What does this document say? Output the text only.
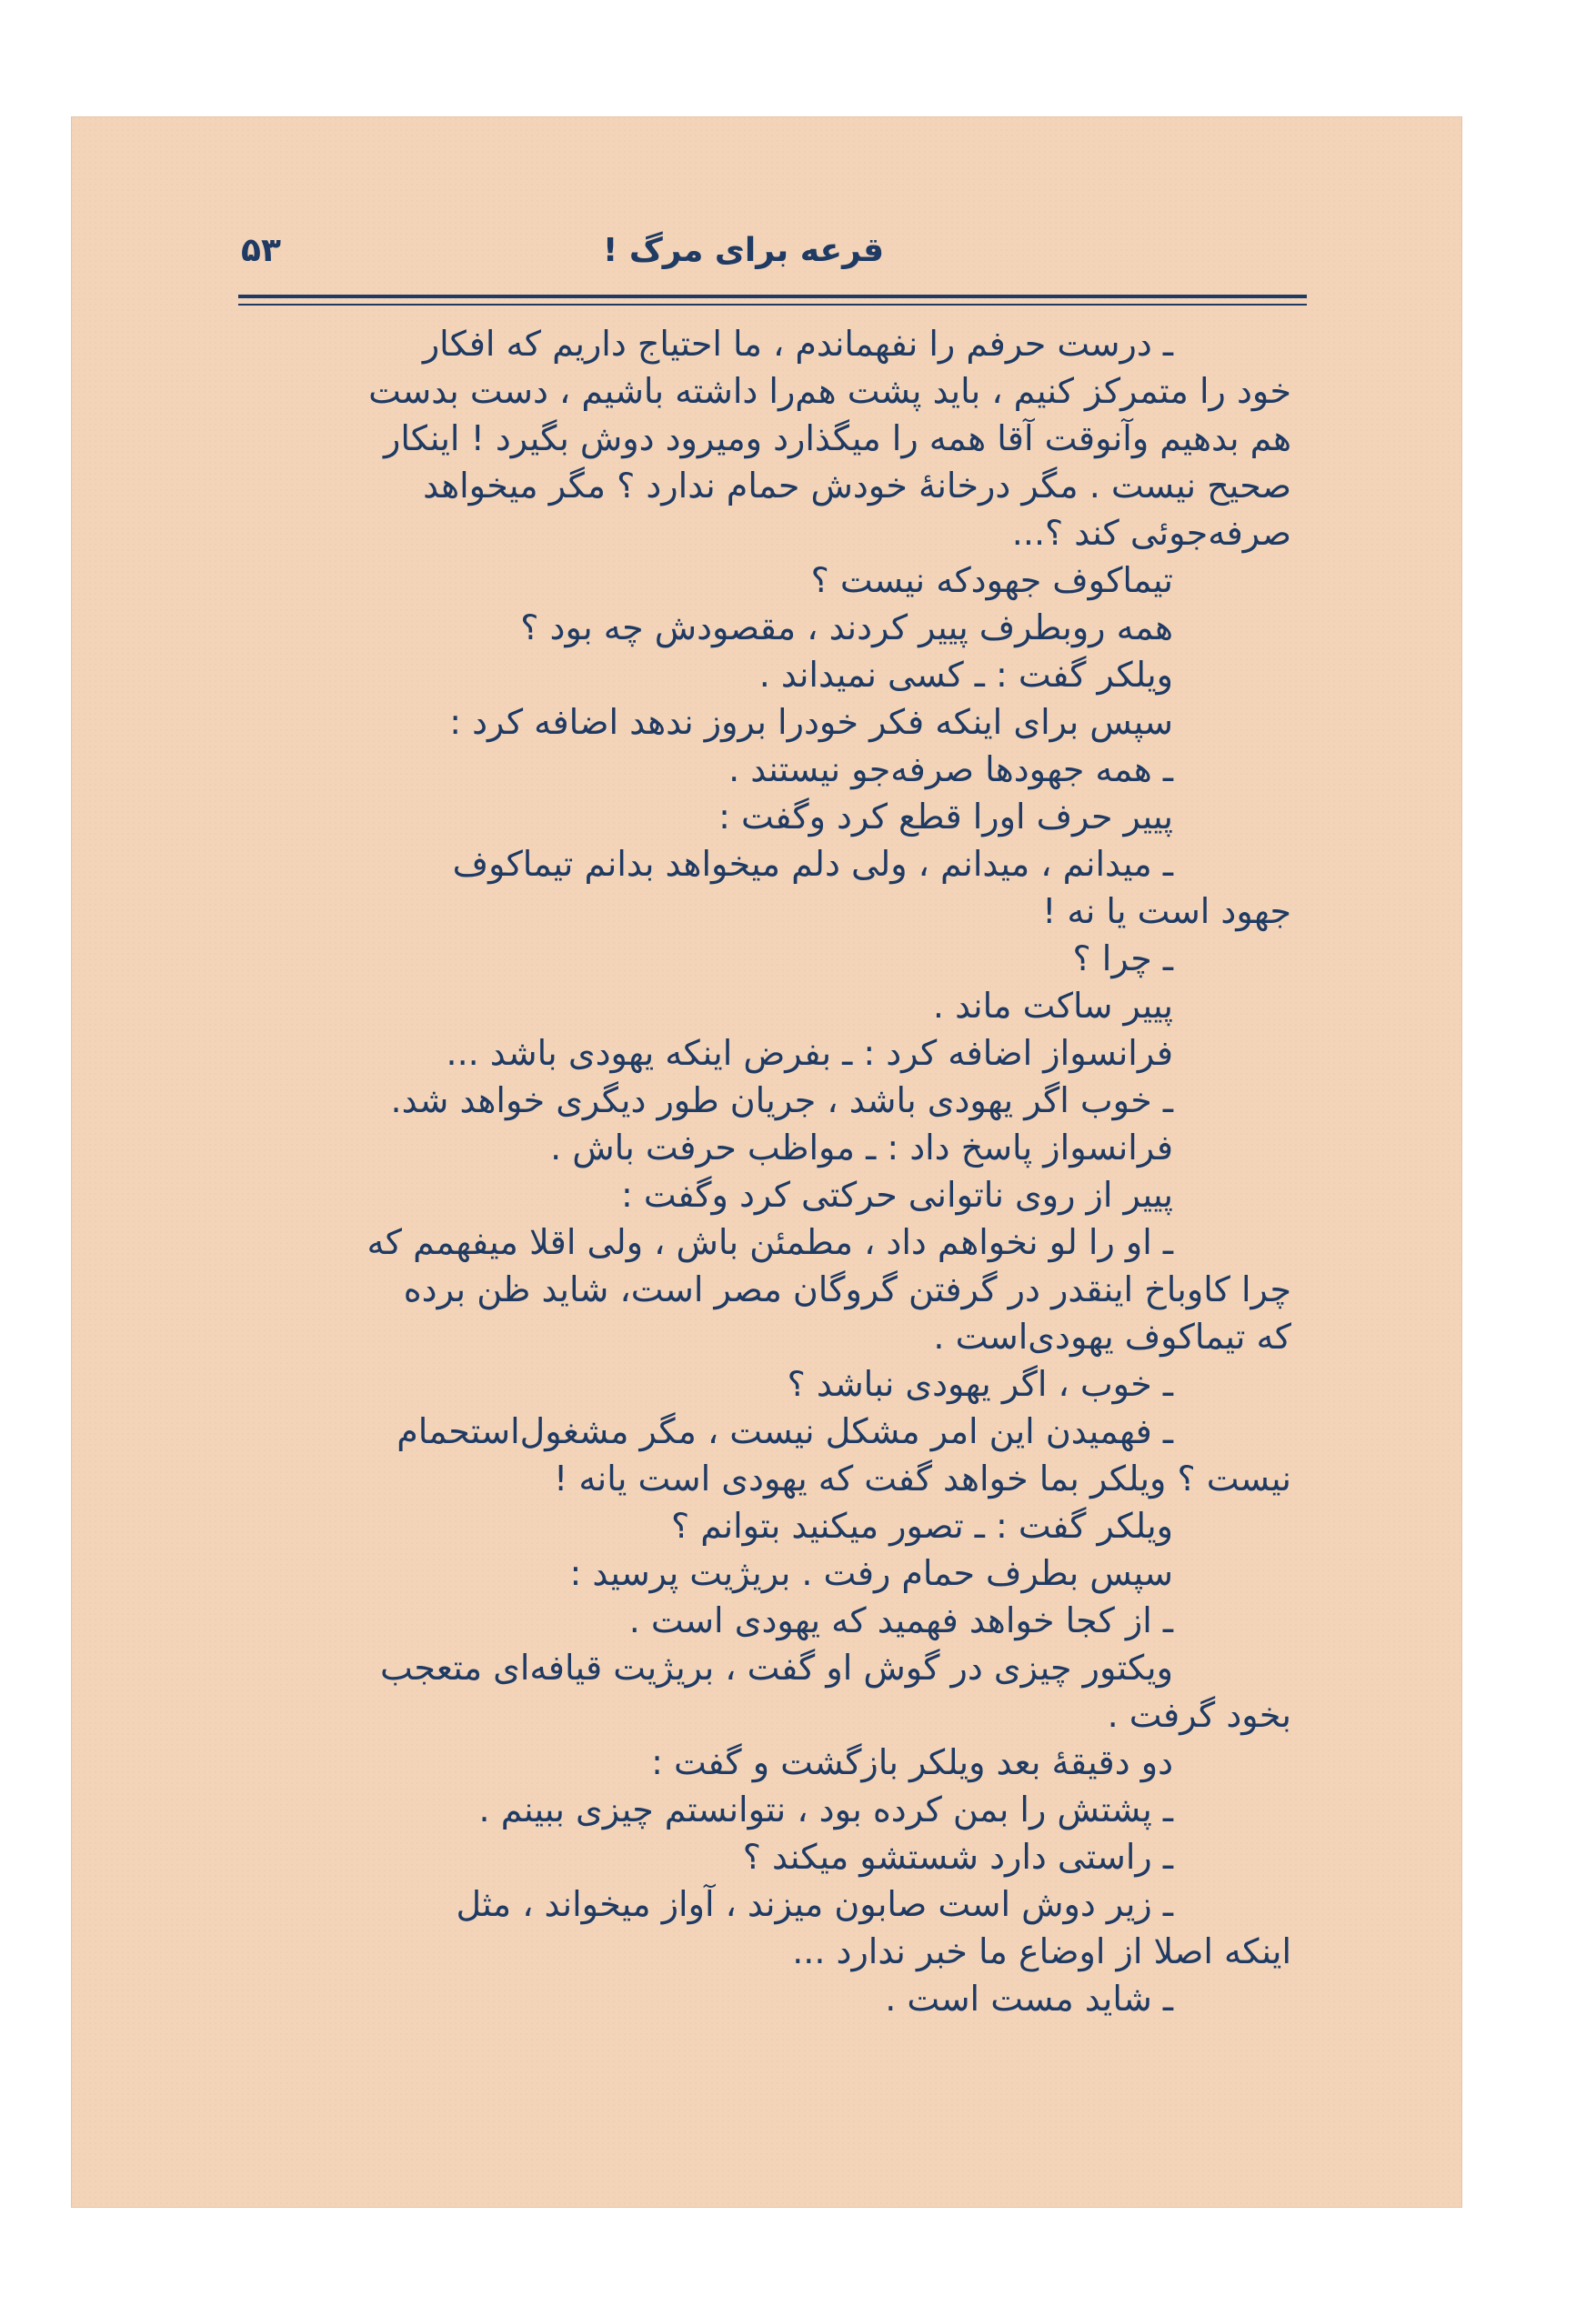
۵۳	قرعه برای مرگ !
ـ درست حرفم را نفهماندم ، ما احتیاج داریم که افکار
خود را متمرکز کنیم ، باید پشت هم‌را داشته باشیم ، دست بدست
هم بدهیم وآنوقت آقا همه را میگذارد ومیرود دوش بگیرد ! اینکار
صحیح نیست . مگر درخانهٔ خودش حمام ندارد ؟ مگر میخواهد
صرفه‌جوئی کند ؟...
تیماکوف جهودکه نیست ؟
همه روبطرف پییر کردند ، مقصودش چه بود ؟
ویلکر گفت : ـ کسی نمیداند .
سپس برای اینکه فکر خودرا بروز ندهد اضافه کرد :
ـ همه جهودها صرفه‌جو نیستند .
پییر حرف اورا قطع کرد وگفت :
ـ میدانم ، میدانم ، ولی دلم میخواهد بدانم تیماکوف
جهود است یا نه !
ـ چرا ؟
پییر ساکت ماند .
فرانسواز اضافه کرد : ـ بفرض اینکه یهودی باشد ...
ـ خوب اگر یهودی باشد ، جریان طور دیگری خواهد شد.
فرانسواز پاسخ داد : ـ مواظب حرفت باش .
پییر از روی ناتوانی حرکتی کرد وگفت :
ـ او را لو نخواهم داد ، مطمئن باش ، ولی اقلا میفهمم که
چرا کاوباخ اینقدر در گرفتن گروگان مصر است، شاید ظن برده
که تیماکوف یهودی‌است .
ـ خوب ، اگر یهودی نباشد ؟
ـ فهمیدن این امر مشکل نیست ، مگر مشغول‌استحمام
نیست ؟ ویلکر بما خواهد گفت که یهودی است یانه !
ویلکر گفت : ـ تصور میکنید بتوانم ؟
سپس بطرف حمام رفت . بریژیت پرسید :
ـ از کجا خواهد فهمید که یهودی است .
ویکتور چیزی در گوش او گفت ، بریژیت قیافه‌ای متعجب
بخود گرفت .
دو دقیقهٔ بعد ویلکر بازگشت و گفت :
ـ پشتش را بمن کرده بود ، نتوانستم چیزی ببینم .
ـ راستی دارد شستشو میکند ؟
ـ زیر دوش است صابون میزند ، آواز میخواند ، مثل
اینکه اصلا از اوضاع ما خبر ندارد ...
ـ شاید مست است .
